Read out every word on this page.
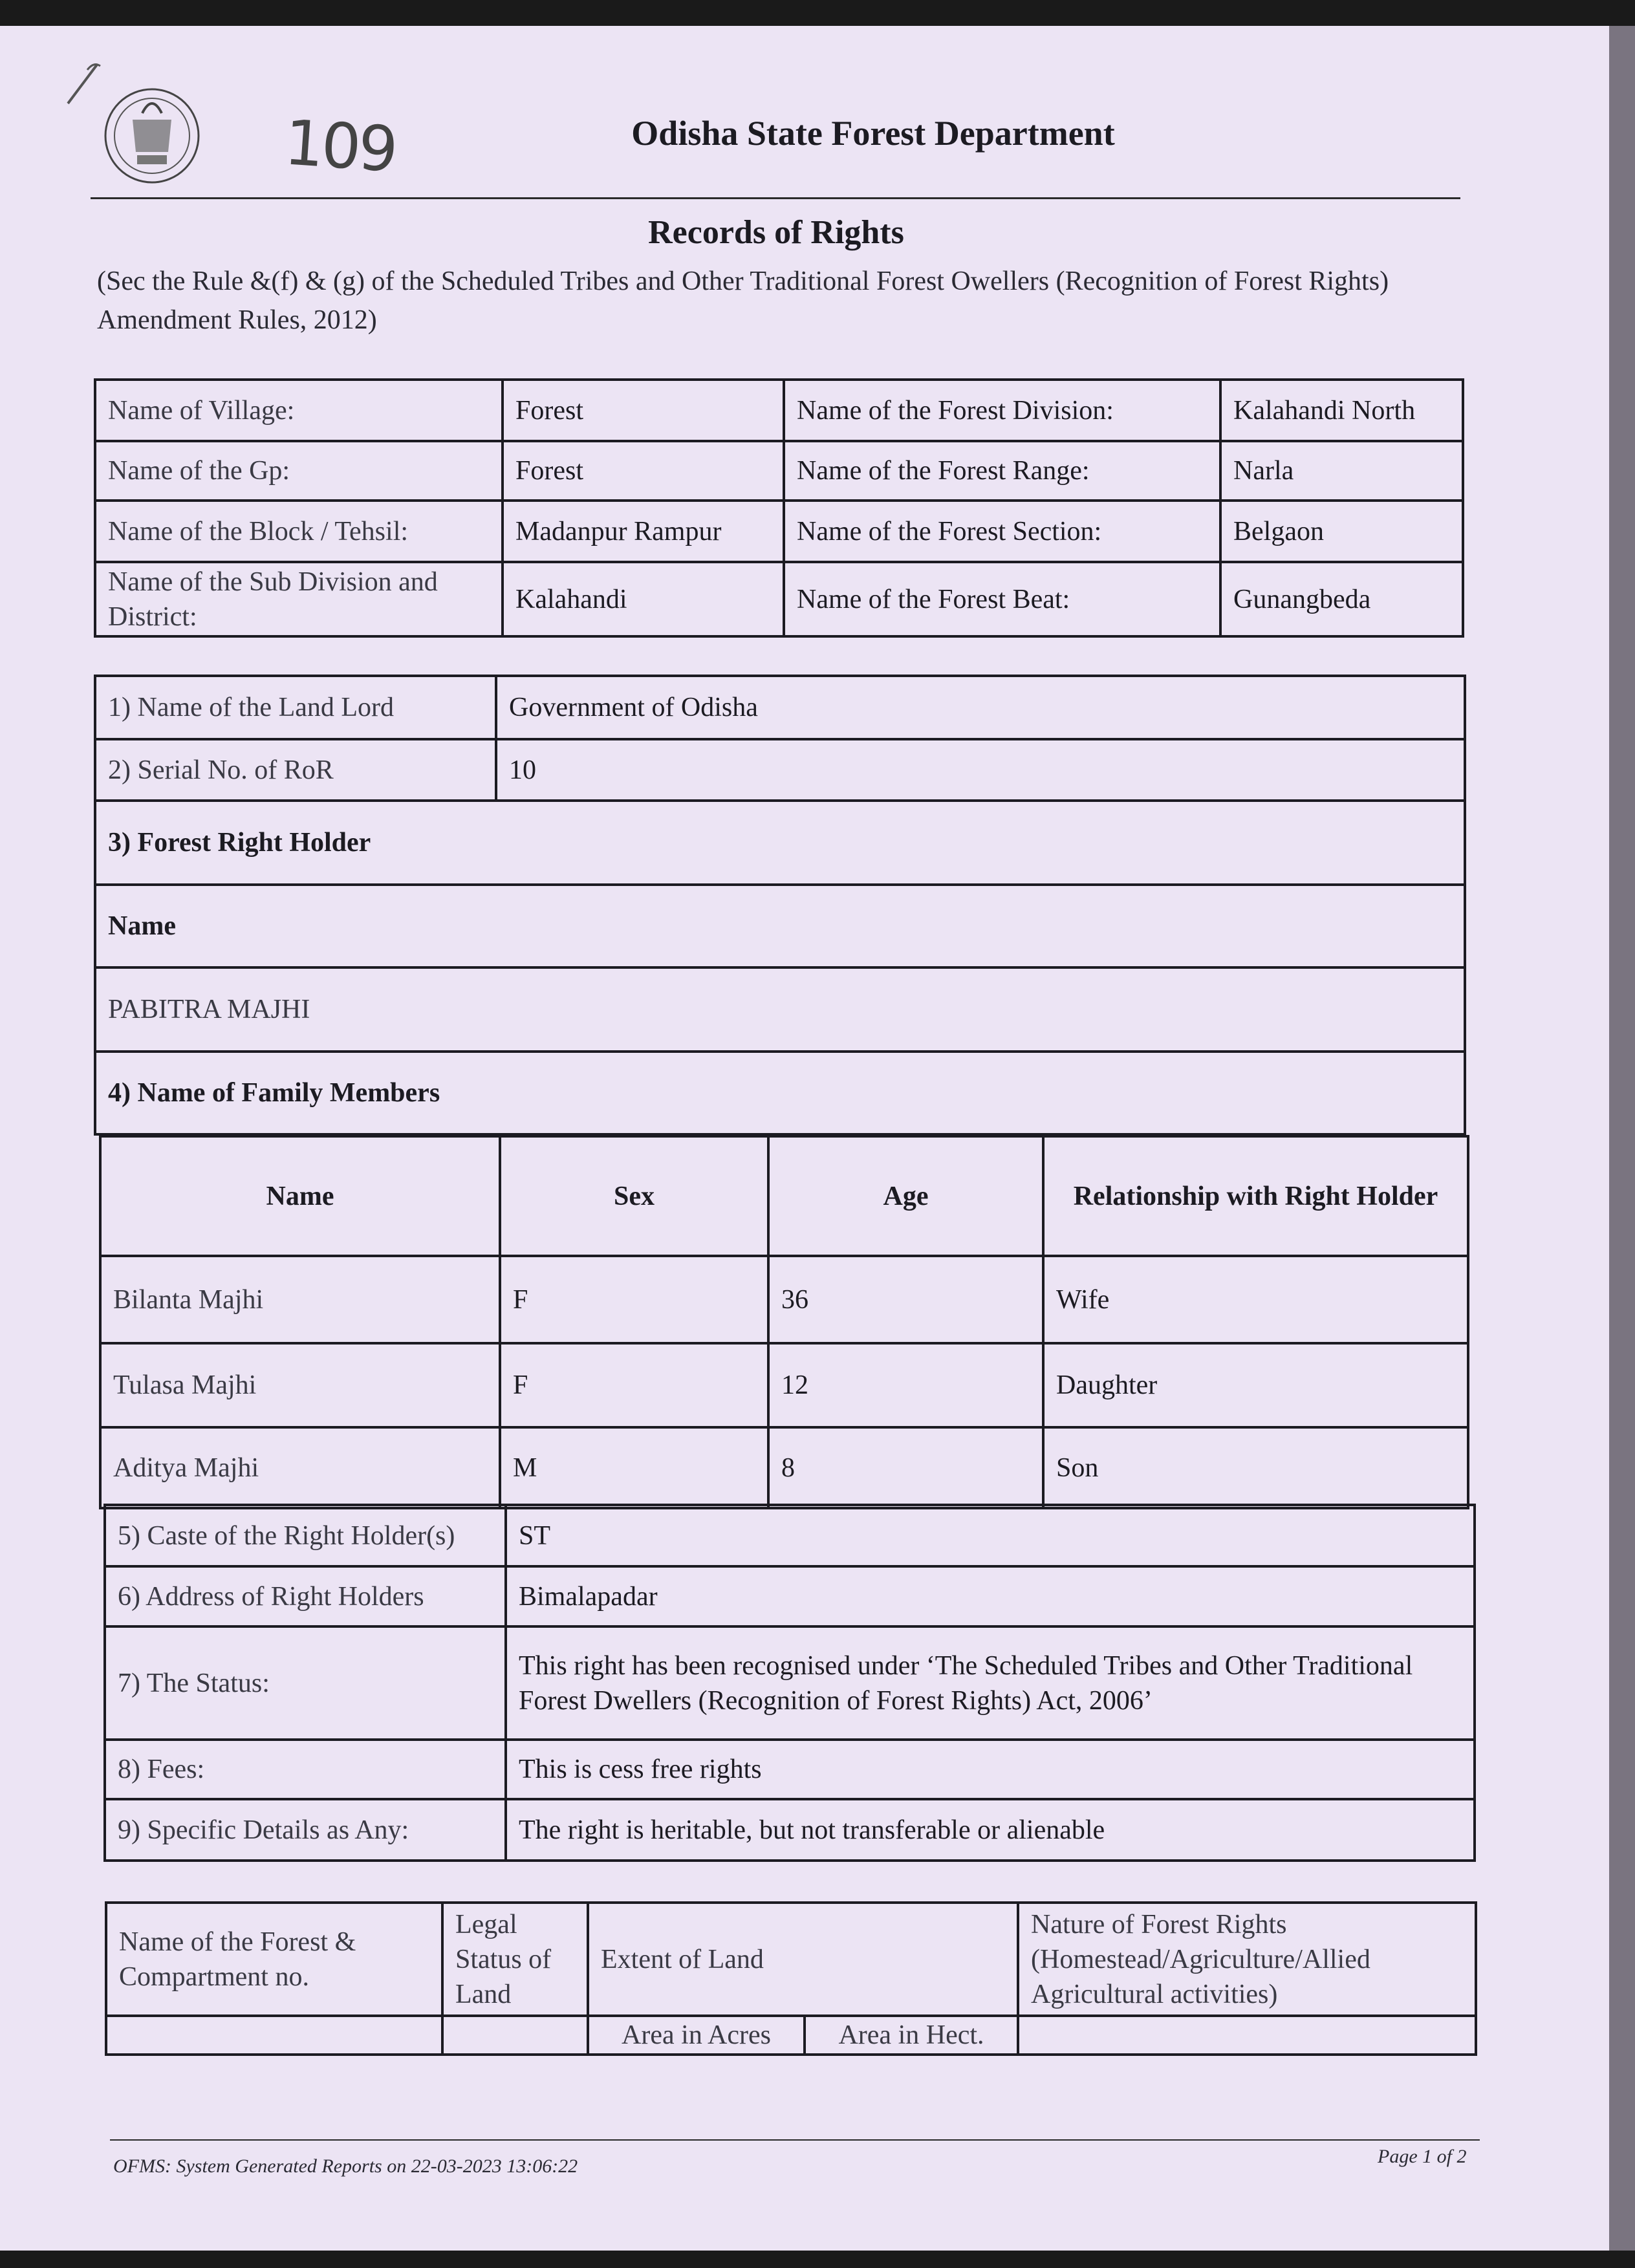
109	Odisha State Forest Department
Records of Rights
(Sec the Rule &(f) & (g) of the Scheduled Tribes and Other Traditional Forest Owellers (Recognition of Forest Rights) Amendment Rules, 2012)
Name of Village:	Forest	Name of the Forest Division:	Kalahandi North
Name of the Gp:	Forest	Name of the Forest Range:	Narla
Name of the Block / Tehsil:	Madanpur Rampur	Name of the Forest Section:	Belgaon
Name of the Sub Division and District:	Kalahandi	Name of the Forest Beat:	Gunangbeda
1) Name of the Land Lord	Government of Odisha
2) Serial No. of RoR	10
3) Forest Right Holder	
Name	
PABITRA MAJHI	
4) Name of Family Members	
Name	Sex	Age	Relationship with Right Holder
Bilanta Majhi	F	36	Wife
Tulasa Majhi	F	12	Daughter
Aditya Majhi	M	8	Son
5) Caste of the Right Holder(s)	ST
6) Address of Right Holders	Bimalapadar
7) The Status:	This right has been recognised under ‘The Scheduled Tribes and Other Traditional Forest Dwellers (Recognition of Forest Rights) Act, 2006’
8) Fees:	This is cess free rights
9) Specific Details as Any:	The right is heritable, but not transferable or alienable
Name of the Forest & Compartment no.	Legal Status of Land	Extent of Land		Nature of Forest Rights (Homestead/Agriculture/Allied Agricultural activities)
		Area in Acres	Area in Hect.	
OFMS: System Generated Reports on 22-03-2023 13:06:22	Page 1 of 2
